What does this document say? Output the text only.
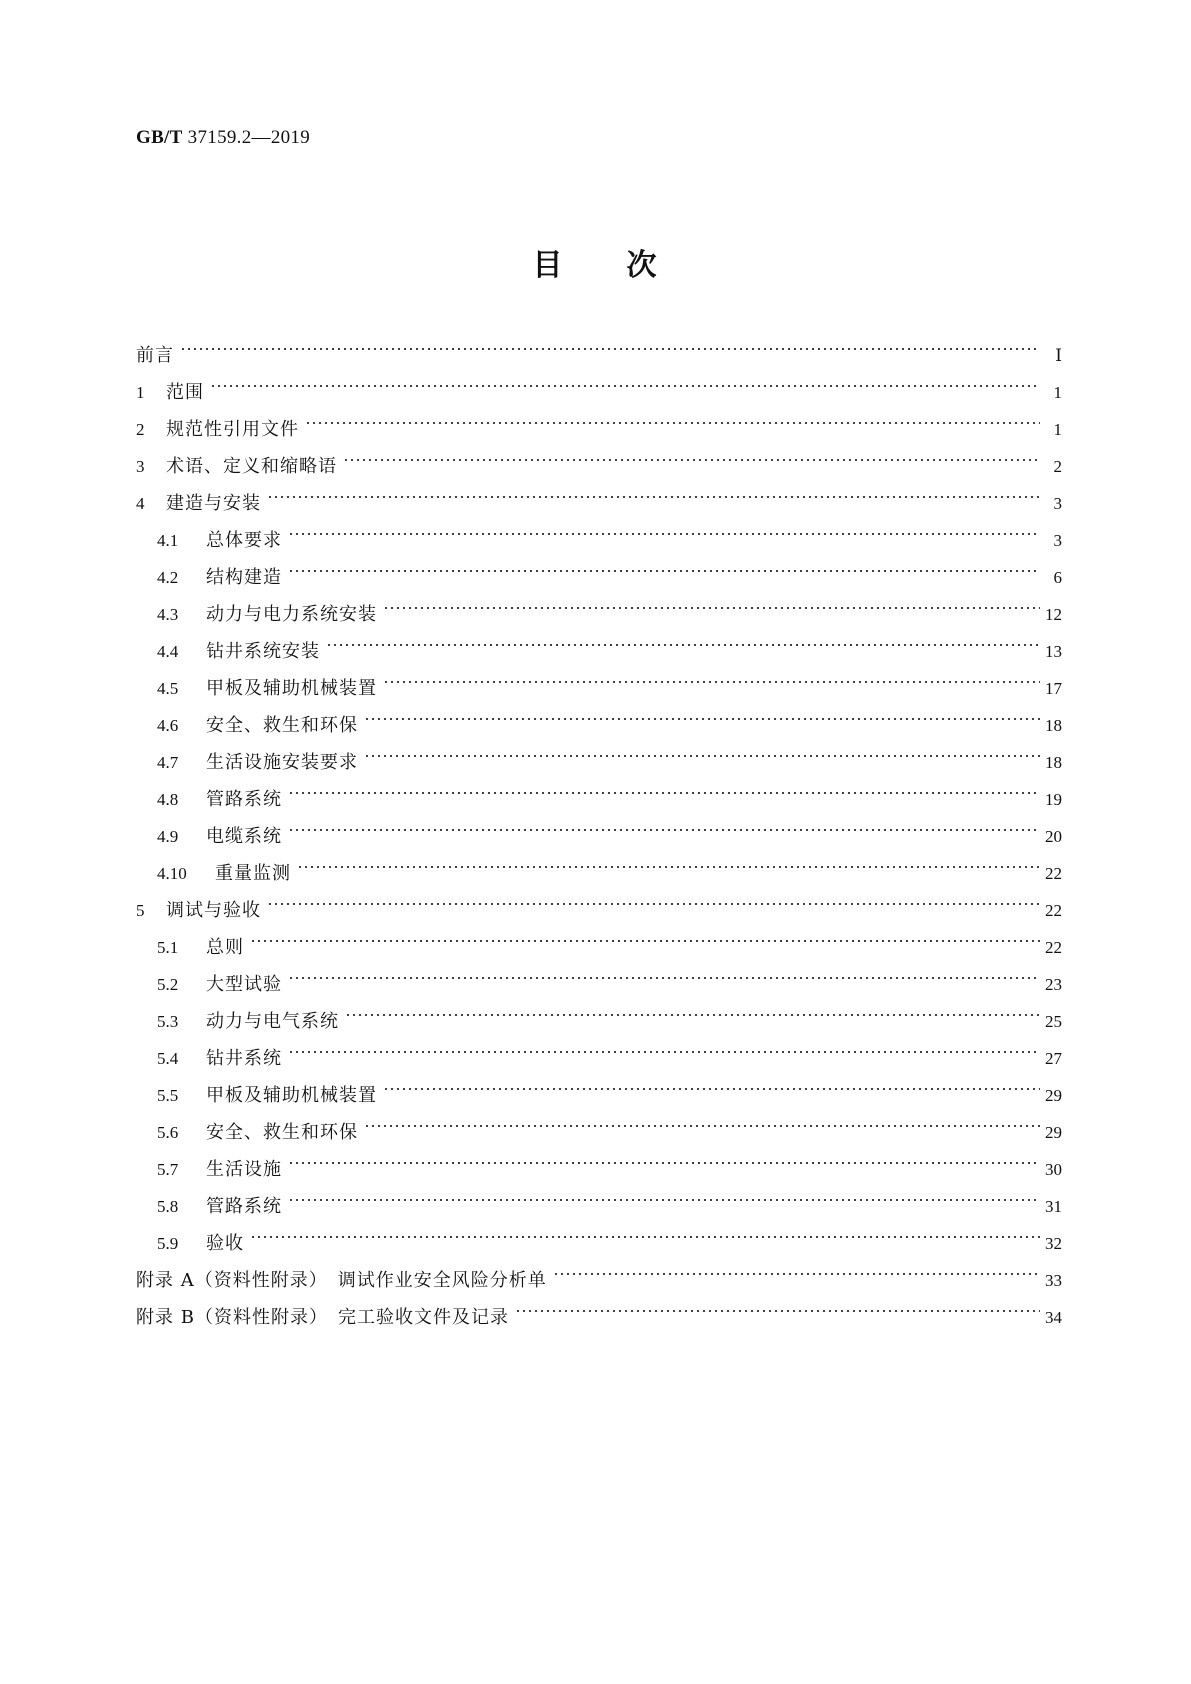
GB/T 37159.2—2019
目 次
前言	Ⅰ
1	范围	1
2	规范性引用文件	1
3	术语、定义和缩略语	2
4	建造与安装	3
4.1	总体要求	3
4.2	结构建造	6
4.3	动力与电力系统安装	12
4.4	钻井系统安装	13
4.5	甲板及辅助机械装置	17
4.6	安全、救生和环保	18
4.7	生活设施安装要求	18
4.8	管路系统	19
4.9	电缆系统	20
4.10	重量监测	22
5	调试与验收	22
5.1	总则	22
5.2	大型试验	23
5.3	动力与电气系统	25
5.4	钻井系统	27
5.5	甲板及辅助机械装置	29
5.6	安全、救生和环保	29
5.7	生活设施	30
5.8	管路系统	31
5.9	验收	32
附录 A（资料性附录）　调试作业安全风险分析单	33
附录 B（资料性附录）　完工验收文件及记录	34
